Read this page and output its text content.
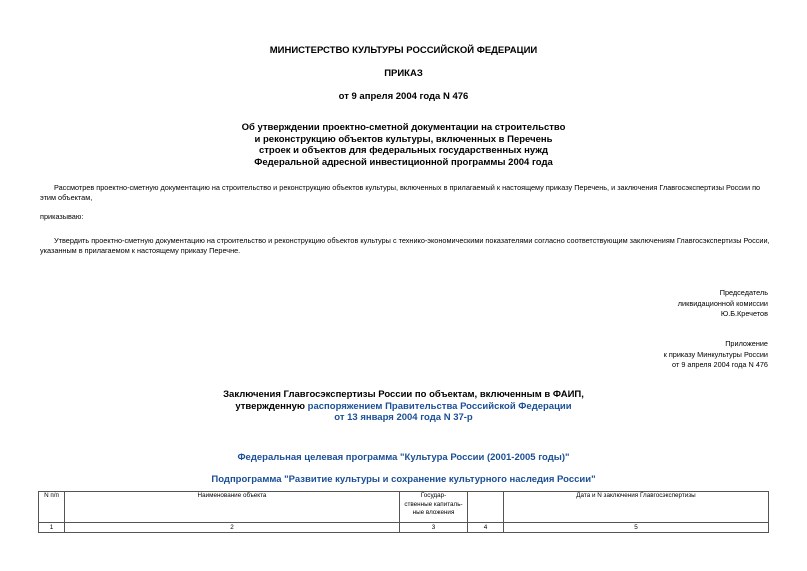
МИНИСТЕРСТВО КУЛЬТУРЫ РОССИЙСКОЙ ФЕДЕРАЦИИ
ПРИКАЗ
от 9 апреля 2004 года N 476
Об утверждении проектно-сметной документации на строительство
и реконструкцию объектов культуры, включенных в Перечень
строек и объектов для федеральных государственных нужд
Федеральной адресной инвестиционной программы 2004 года
Рассмотрев проектно-сметную документацию на строительство и реконструкцию объектов культуры, включенных в прилагаемый к настоящему приказу Перечень, и заключения Главгосэкспертизы России по этим объектам,
приказываю:
Утвердить проектно-сметную документацию на строительство и реконструкцию объектов культуры с технико-экономическими показателями согласно соответствующим заключениям Главгосэкспертизы России, указанным в прилагаемом к настоящему приказу Перечне.
Председатель
ликвидационной комиссии
Ю.Б.Кречетов
Приложение
к приказу Минкультуры России
от 9 апреля 2004 года N 476
Заключения Главгосэкспертизы России по объектам, включенным в ФАИП,
утвержденную распоряжением Правительства Российской Федерации
от 13 января 2004 года N 37-р
Федеральная целевая программа "Культура России (2001-2005 годы)"
Подпрограмма "Развитие культуры и сохранение культурного наследия России"
N п/п	Наименование объекта	Государ-
ственные капиталь-
ные вложения		Дата и N заключения Главгосэкспертизы
1	2	3	4	5
